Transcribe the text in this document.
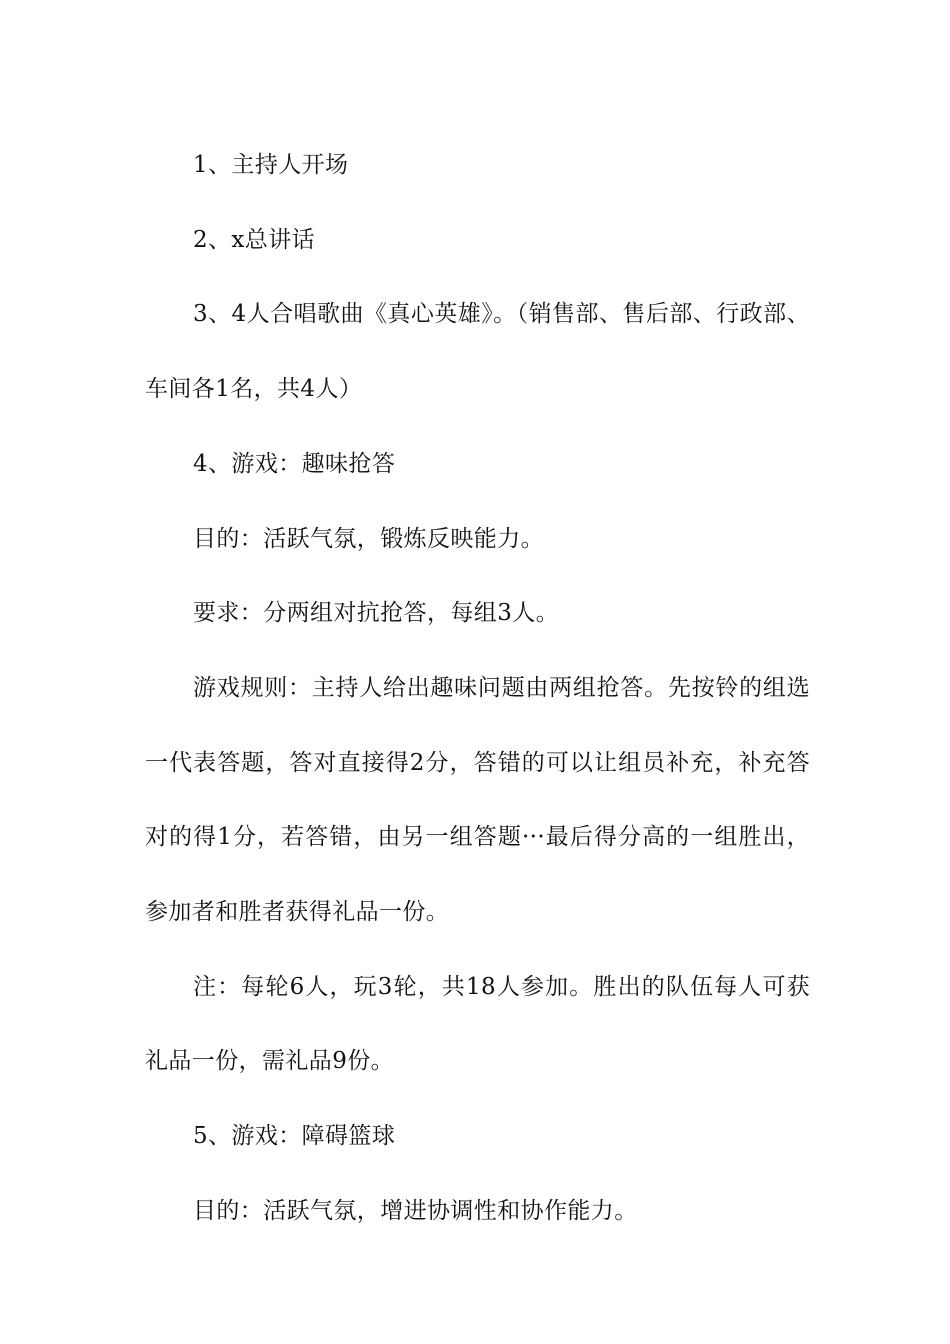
1、主持人开场

2、x总讲话

3、4人合唱歌曲《真心英雄》。（销售部、售后部、行政部、车间各1名，共4人）

4、游戏：趣味抢答

目的：活跃气氛，锻炼反映能力。

要求：分两组对抗抢答，每组3人。

游戏规则：主持人给出趣味问题由两组抢答。先按铃的组选一代表答题，答对直接得2分，答错的可以让组员补充，补充答对的得1分，若答错，由另一组答题···最后得分高的一组胜出，参加者和胜者获得礼品一份。

注：每轮6人，玩3轮，共18人参加。胜出的队伍每人可获礼品一份，需礼品9份。

5、游戏：障碍篮球

目的：活跃气氛，增进协调性和协作能力。
